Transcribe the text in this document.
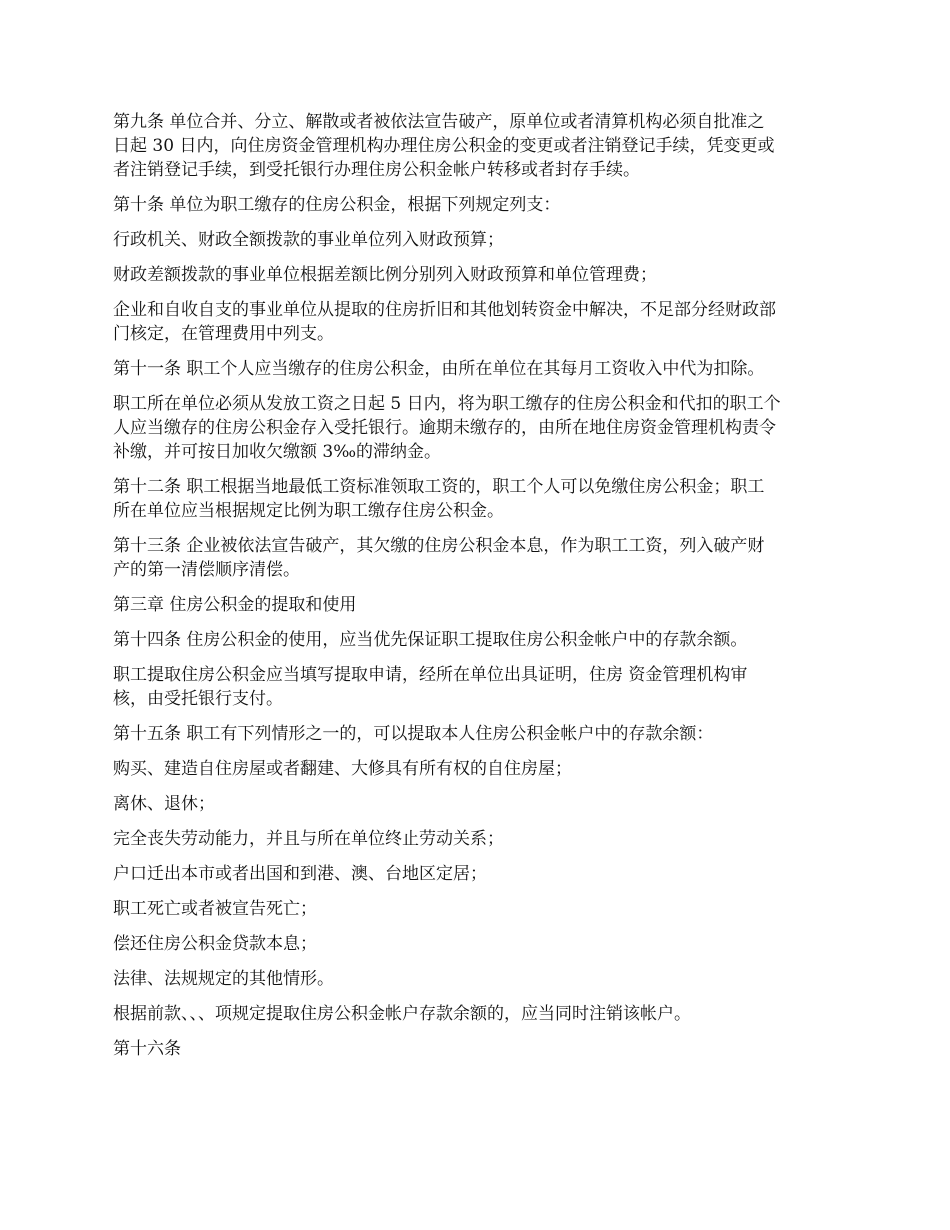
第九条 单位合并、分立、解散或者被依法宣告破产，原单位或者清算机构必须自批准之
日起 30 日内，向住房资金管理机构办理住房公积金的变更或者注销登记手续，凭变更或
者注销登记手续，到受托银行办理住房公积金帐户转移或者封存手续。

第十条 单位为职工缴存的住房公积金，根据下列规定列支：

行政机关、财政全额拨款的事业单位列入财政预算；

财政差额拨款的事业单位根据差额比例分别列入财政预算和单位管理费；

企业和自收自支的事业单位从提取的住房折旧和其他划转资金中解决，不足部分经财政部
门核定，在管理费用中列支。

第十一条 职工个人应当缴存的住房公积金，由所在单位在其每月工资收入中代为扣除。

职工所在单位必须从发放工资之日起 5 日内，将为职工缴存的住房公积金和代扣的职工个
人应当缴存的住房公积金存入受托银行。逾期未缴存的，由所在地住房资金管理机构责令
补缴，并可按日加收欠缴额 3‰的滞纳金。

第十二条 职工根据当地最低工资标准领取工资的，职工个人可以免缴住房公积金；职工
所在单位应当根据规定比例为职工缴存住房公积金。

第十三条 企业被依法宣告破产，其欠缴的住房公积金本息，作为职工工资，列入破产财
产的第一清偿顺序清偿。

第三章 住房公积金的提取和使用

第十四条 住房公积金的使用，应当优先保证职工提取住房公积金帐户中的存款余额。

职工提取住房公积金应当填写提取申请，经所在单位出具证明，住房 资金管理机构审
核，由受托银行支付。

第十五条 职工有下列情形之一的，可以提取本人住房公积金帐户中的存款余额：

购买、建造自住房屋或者翻建、大修具有所有权的自住房屋；

离休、退休；

完全丧失劳动能力，并且与所在单位终止劳动关系；

户口迁出本市或者出国和到港、澳、台地区定居；

职工死亡或者被宣告死亡；

偿还住房公积金贷款本息；

法律、法规规定的其他情形。

根据前款、、、项规定提取住房公积金帐户存款余额的，应当同时注销该帐户。

第十六条
